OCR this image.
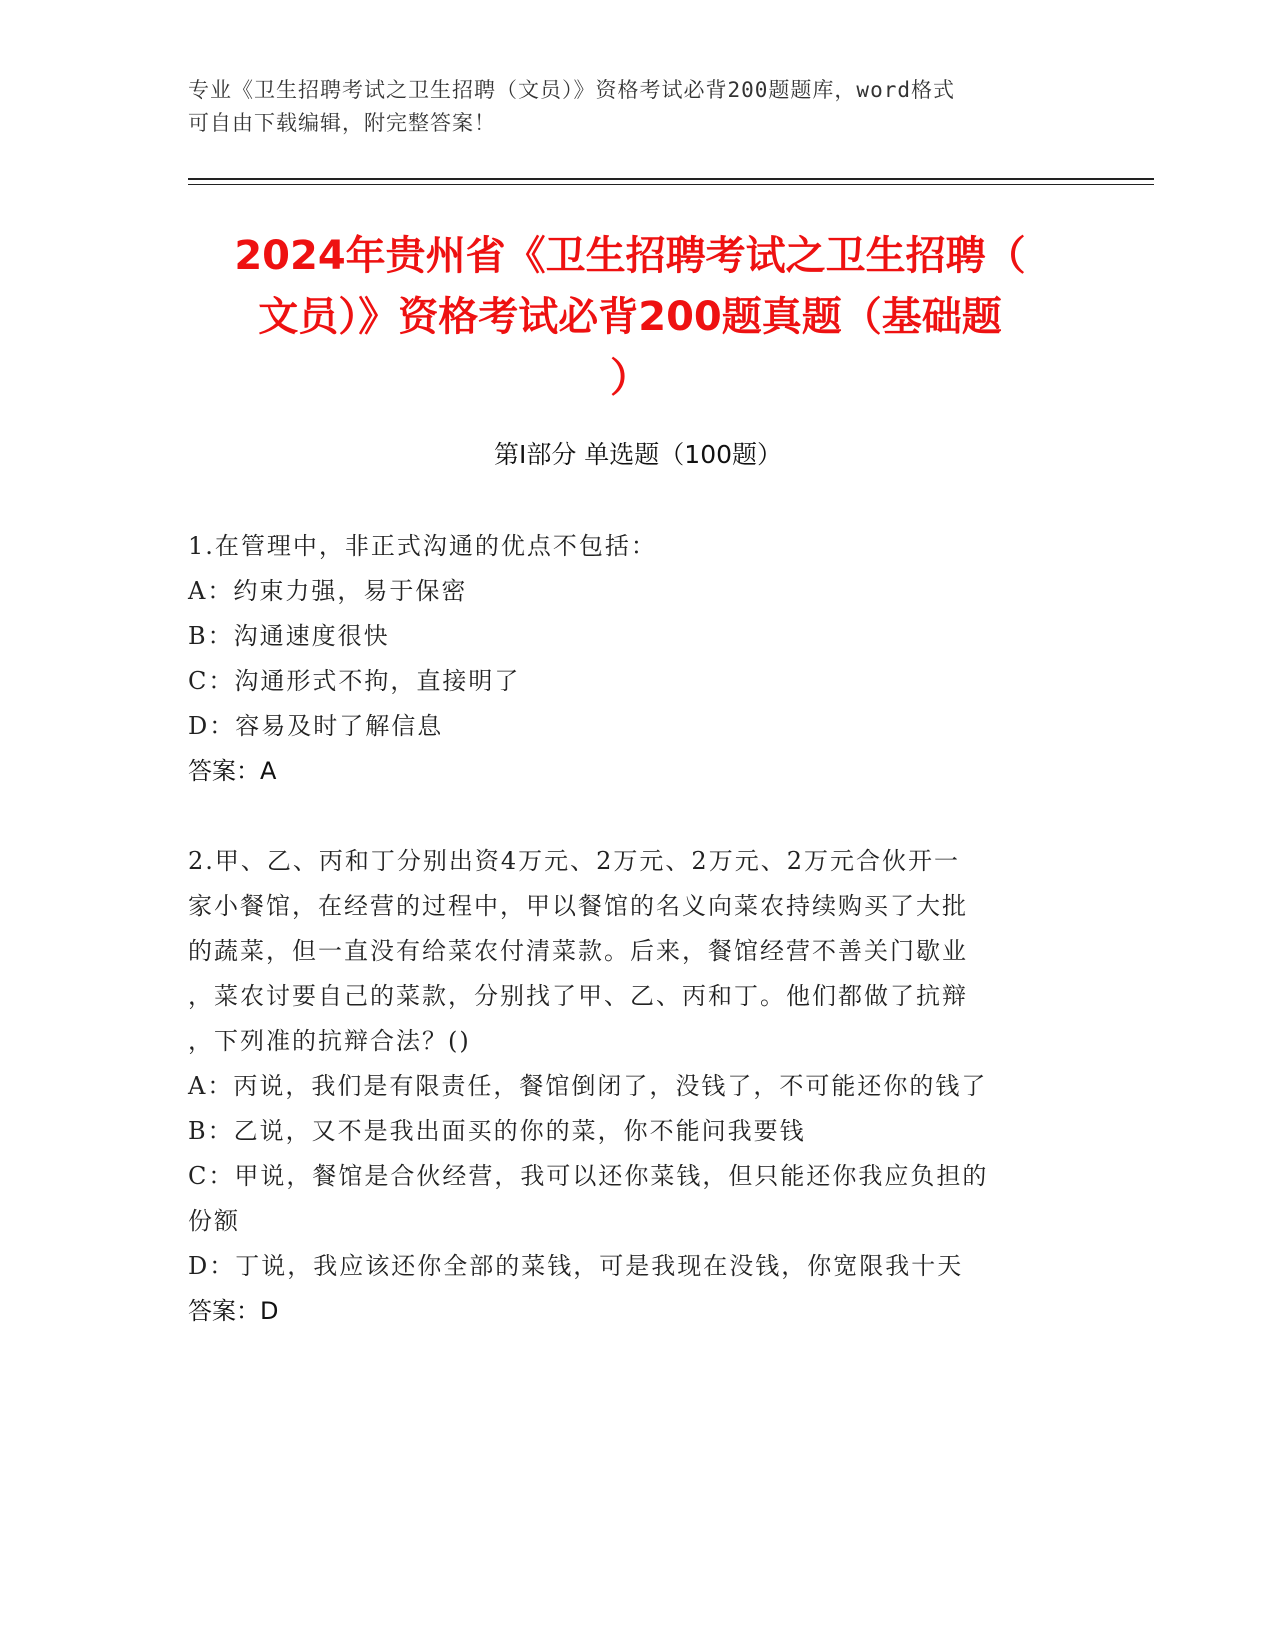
专业《卫生招聘考试之卫生招聘（文员）》资格考试必背200题题库，word格式
可自由下载编辑，附完整答案！
2024年贵州省《卫生招聘考试之卫生招聘（
文员）》资格考试必背200题真题（基础题
）
第Ⅰ部分 单选题（100题）

1.在管理中，非正式沟通的优点不包括：

A：约束力强，易于保密

B：沟通速度很快

C：沟通形式不拘，直接明了

D：容易及时了解信息

答案：A

2.甲、乙、丙和丁分别出资4万元、2万元、2万元、2万元合伙开一

家小餐馆，在经营的过程中，甲以餐馆的名义向菜农持续购买了大批

的蔬菜，但一直没有给菜农付清菜款。后来，餐馆经营不善关门歇业

，菜农讨要自己的菜款，分别找了甲、乙、丙和丁。他们都做了抗辩

，下列准的抗辩合法？()

A：丙说，我们是有限责任，餐馆倒闭了，没钱了，不可能还你的钱了

B：乙说，又不是我出面买的你的菜，你不能问我要钱

C：甲说，餐馆是合伙经营，我可以还你菜钱，但只能还你我应负担的

份额

D：丁说，我应该还你全部的菜钱，可是我现在没钱，你宽限我十天

答案：D
